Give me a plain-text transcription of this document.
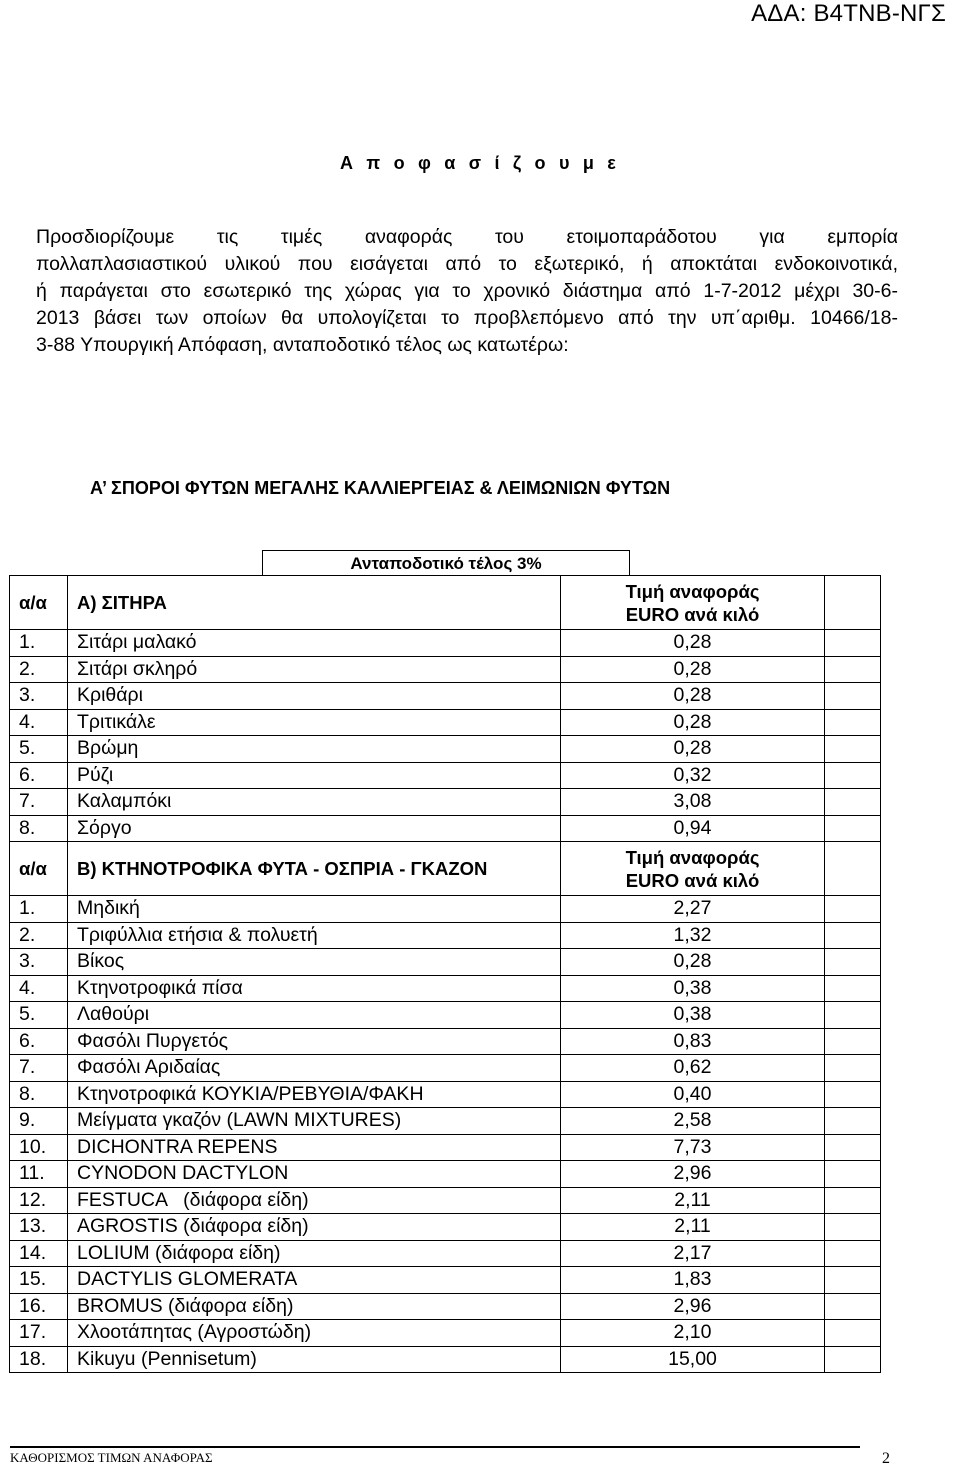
ΑΔΑ: Β4ΤΝΒ-ΝΓΣ
Α π ο φ α σ ί ζ ο υ μ ε
Προσδιορίζουμε τις τιμές αναφοράς του ετοιμοπαράδοτου για εμπορία
πολλαπλασιαστικού υλικού που εισάγεται από το εξωτερικό, ή αποκτάται ενδοκοινοτικά,
ή παράγεται στο εσωτερικό της χώρας για το χρονικό διάστημα από 1-7-2012 μέχρι 30-6-
2013 βάσει των οποίων θα υπολογίζεται το προβλεπόμενο από την υπ΄αριθμ. 10466/18-
3-88 Υπουργική Απόφαση, ανταποδοτικό τέλος ως κατωτέρω:
Α’ ΣΠΟΡΟΙ ΦΥΤΩΝ ΜΕΓΑΛΗΣ ΚΑΛΛΙΕΡΓΕΙΑΣ & ΛΕΙΜΩΝΙΩΝ ΦΥΤΩΝ
Ανταποδοτικό τέλος 3%
α/α	Α) ΣΙΤΗΡΑ	Τιμή αναφοράς
EURO ανά κιλό	

1.	Σιτάρι μαλακό	0,28	
2.	Σιτάρι σκληρό	0,28	
3.	Κριθάρι	0,28	
4.	Τριτικάλε	0,28	
5.	Βρώμη	0,28	
6.	Ρύζι	0,32	
7.	Καλαμπόκι	3,08	
8.	Σόργο	0,94	
α/α	Β) ΚΤΗΝΟΤΡΟΦΙΚΑ ΦΥΤΑ - ΟΣΠΡΙΑ - ΓΚΑΖΟΝ	Τιμή αναφοράς
EURO ανά κιλό	

1.	Μηδική	2,27	
2.	Τριφύλλια ετήσια & πολυετή	1,32	
3.	Βίκος	0,28	
4.	Κτηνοτροφικά πίσα	0,38	
5.	Λαθούρι	0,38	
6.	Φασόλι Πυργετός	0,83	
7.	Φασόλι Αριδαίας	0,62	
8.	Κτηνοτροφικά ΚΟΥΚΙΑ/ΡΕΒΥΘΙΑ/ΦΑΚΗ	0,40	
9.	Μείγματα γκαζόν (LAWN MIXTURES)	2,58	
10.	DICHONTRA REPENS	7,73	
11.	CYNODON DACTYLON	2,96	
12.	FESTUCA   (διάφορα είδη)	2,11	
13.	AGROSTIS (διάφορα είδη)	2,11	
14.	LOLIUM (διάφορα είδη)	2,17	
15.	DACTYLIS GLOMERATA	1,83	
16.	BROMUS (διάφορα είδη)	2,96	
17.	Χλοοτάπητας (Αγροστώδη)	2,10	
18.	Kikuyu (Pennisetum)	15,00	
ΚΑΘΟΡΙΣΜΟΣ ΤΙΜΩΝ ΑΝΑΦΟΡΑΣ	2
